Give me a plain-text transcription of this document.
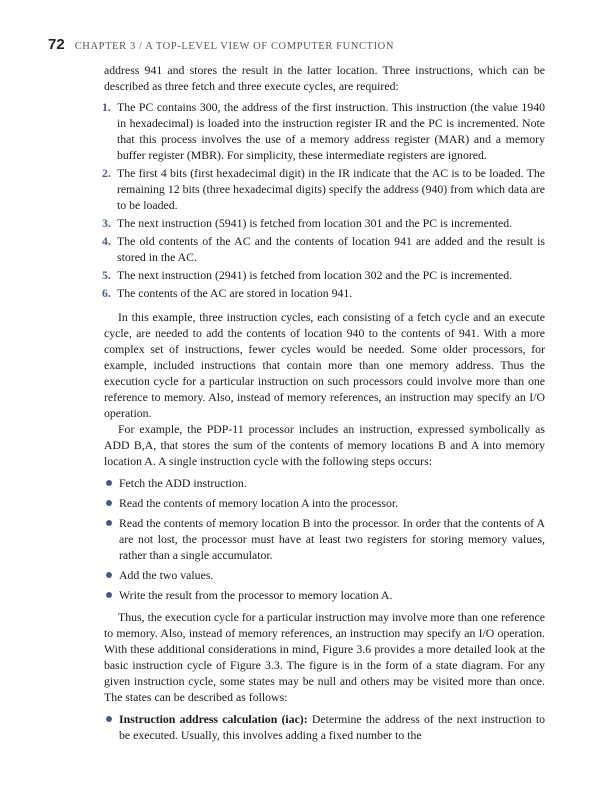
72 CHAPTER 3 / A TOP-LEVEL VIEW OF COMPUTER FUNCTION

address 941 and stores the result in the latter location. Three instructions, which can be described as three fetch and three execute cycles, are required:

1. The PC contains 300, the address of the first instruction. This instruction (the value 1940 in hexadecimal) is loaded into the instruction register IR and the PC is incremented. Note that this process involves the use of a memory address register (MAR) and a memory buffer register (MBR). For simplicity, these intermediate registers are ignored.
2. The first 4 bits (first hexadecimal digit) in the IR indicate that the AC is to be loaded. The remaining 12 bits (three hexadecimal digits) specify the address (940) from which data are to be loaded.
3. The next instruction (5941) is fetched from location 301 and the PC is incremented.
4. The old contents of the AC and the contents of location 941 are added and the result is stored in the AC.
5. The next instruction (2941) is fetched from location 302 and the PC is incremented.
6. The contents of the AC are stored in location 941.

In this example, three instruction cycles, each consisting of a fetch cycle and an execute cycle, are needed to add the contents of location 940 to the contents of 941. With a more complex set of instructions, fewer cycles would be needed. Some older processors, for example, included instructions that contain more than one memory address. Thus the execution cycle for a particular instruction on such processors could involve more than one reference to memory. Also, instead of memory references, an instruction may specify an I/O operation.

For example, the PDP-11 processor includes an instruction, expressed symbolically as ADD B,A, that stores the sum of the contents of memory locations B and A into memory location A. A single instruction cycle with the following steps occurs:

Fetch the ADD instruction.
Read the contents of memory location A into the processor.
Read the contents of memory location B into the processor. In order that the contents of A are not lost, the processor must have at least two registers for storing memory values, rather than a single accumulator.
Add the two values.
Write the result from the processor to memory location A.

Thus, the execution cycle for a particular instruction may involve more than one reference to memory. Also, instead of memory references, an instruction may specify an I/O operation. With these additional considerations in mind, Figure 3.6 provides a more detailed look at the basic instruction cycle of Figure 3.3. The figure is in the form of a state diagram. For any given instruction cycle, some states may be null and others may be visited more than once. The states can be described as follows:

Instruction address calculation (iac): Determine the address of the next instruction to be executed. Usually, this involves adding a fixed number to the
